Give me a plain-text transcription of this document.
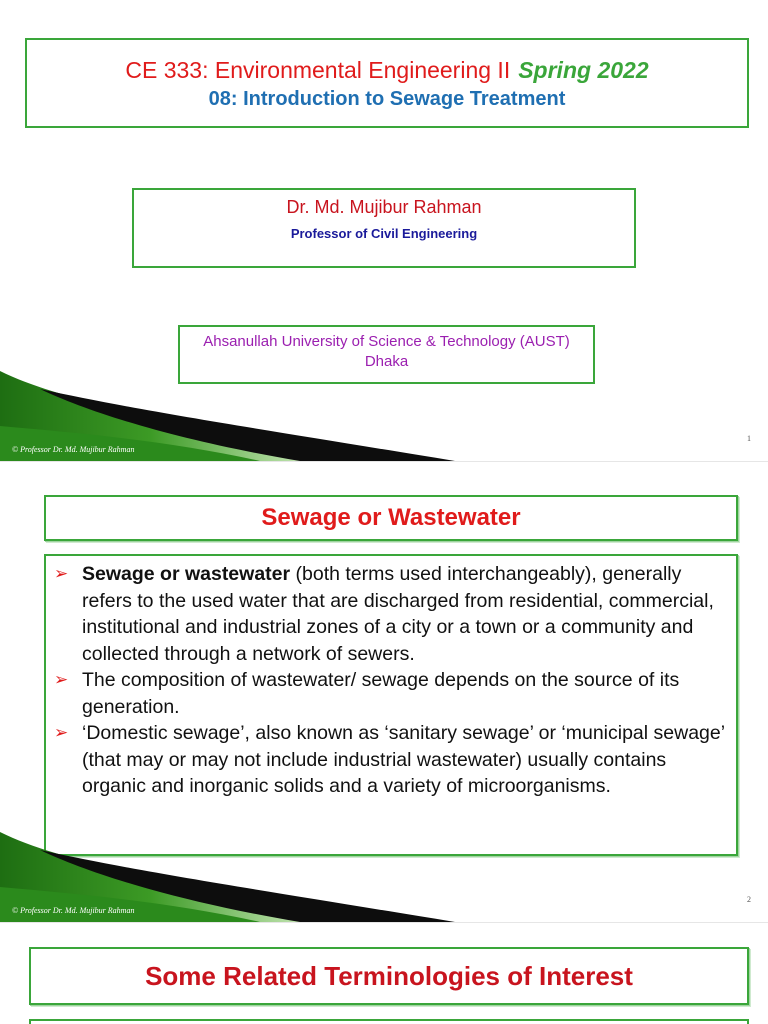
CE 333: Environmental Engineering II Spring 2022
08: Introduction to Sewage Treatment
Dr. Md. Mujibur Rahman
Professor of Civil Engineering
Ahsanullah University of Science & Technology (AUST) Dhaka
© Professor Dr. Md. Mujibur Rahman
1
Sewage or Wastewater
➢ Sewage or wastewater (both terms used interchangeably), generally refers to the used water that are discharged from residential, commercial, institutional and industrial zones of a city or a town or a community and collected through a network of sewers.
➢ The composition of wastewater/ sewage depends on the source of its generation.
➢ ‘Domestic sewage’, also known as ‘sanitary sewage’ or ‘municipal sewage’ (that may or may not include industrial wastewater) usually contains organic and inorganic solids and a variety of microorganisms.
© Professor Dr. Md. Mujibur Rahman
2
Some Related Terminologies of Interest
